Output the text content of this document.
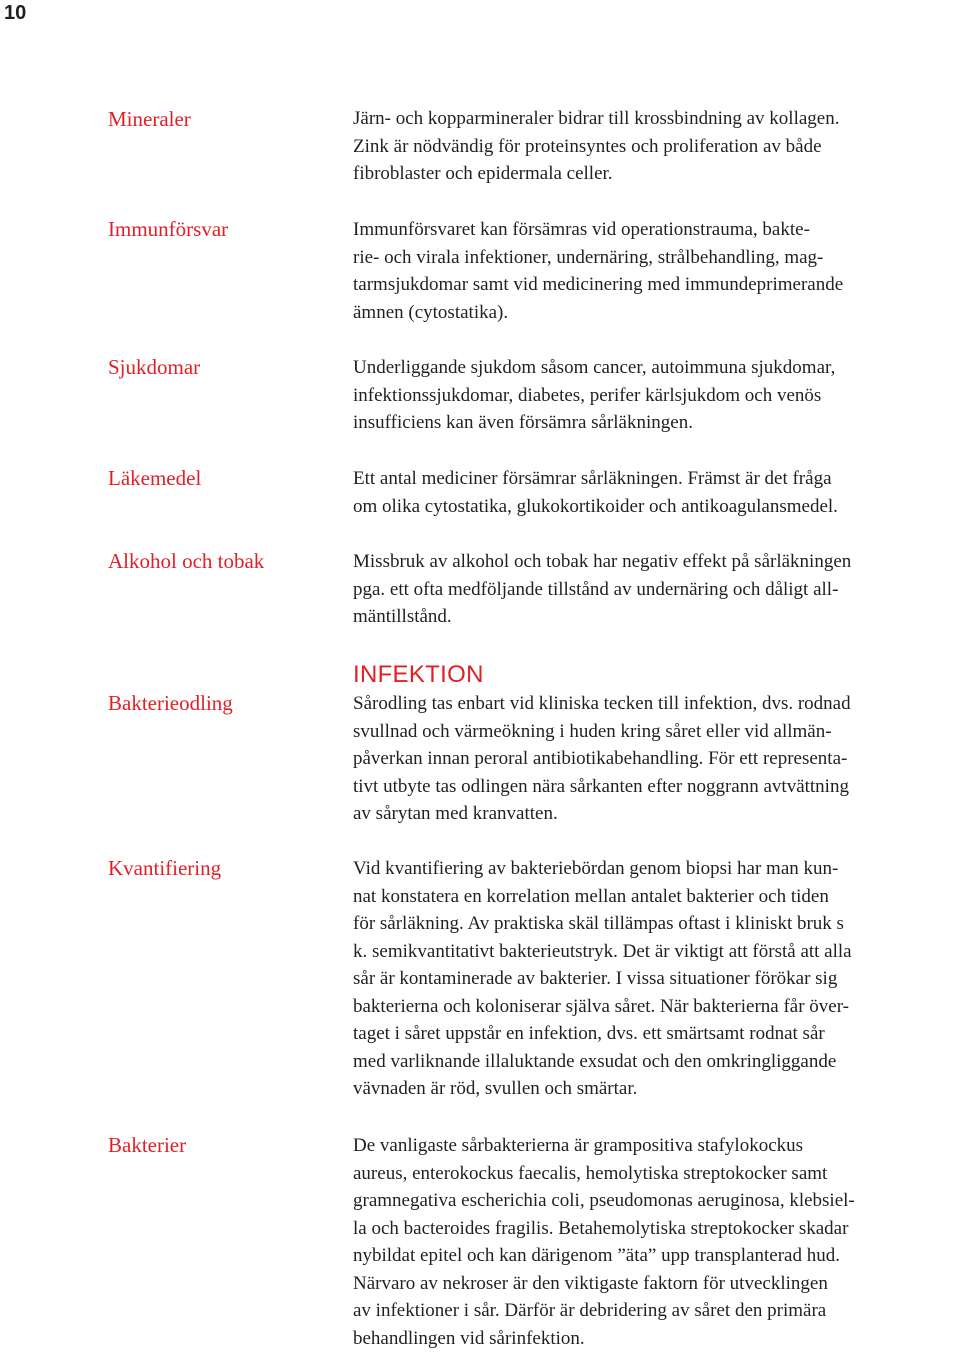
10
Mineraler	Järn- och kopparmineraler bidrar till krossbindning av kollagen.
Zink är nödvändig för proteinsyntes och proliferation av både
fibroblaster och epidermala celler.
Immunförsvar	Immunförsvaret kan försämras vid operationstrauma, bakte-
rie- och virala infektioner, undernäring, strålbehandling, mag-
tarmsjukdomar samt vid medicinering med immundeprimerande
ämnen (cytostatika).
Sjukdomar	Underliggande sjukdom såsom cancer, autoimmuna sjukdomar,
infektionssjukdomar, diabetes, perifer kärlsjukdom och venös
insufficiens kan även försämra sårläkningen.
Läkemedel	Ett antal mediciner försämrar sårläkningen. Främst är det fråga
om olika cytostatika, glukokortikoider och antikoagulansmedel.
Alkohol och tobak	Missbruk av alkohol och tobak har negativ effekt på sårläkningen
pga. ett ofta medföljande tillstånd av undernäring och dåligt all-
mäntillstånd.
INFEKTION
Bakterieodling	Sårodling tas enbart vid kliniska tecken till infektion, dvs. rodnad
svullnad och värmeökning i huden kring såret eller vid allmän-
påverkan innan peroral antibiotikabehandling. För ett representa-
tivt utbyte tas odlingen nära sårkanten efter noggrann avtvättning
av sårytan med kranvatten.
Kvantifiering	Vid kvantifiering av bakteriebördan genom biopsi har man kun-
nat konstatera en korrelation mellan antalet bakterier och tiden
för sårläkning. Av praktiska skäl tillämpas oftast i kliniskt bruk s
k. semikvantitativt bakterieutstryk. Det är viktigt att förstå att alla
sår är kontaminerade av bakterier. I vissa situationer förökar sig
bakterierna och koloniserar själva såret. När bakterierna får över-
taget i såret uppstår en infektion, dvs. ett smärtsamt rodnat sår
med varliknande illaluktande exsudat och den omkringliggande
vävnaden är röd, svullen och smärtar.
Bakterier	De vanligaste sårbakterierna är grampositiva stafylokockus
aureus, enterokockus faecalis, hemolytiska streptokocker samt
gramnegativa escherichia coli, pseudomonas aeruginosa, klebsiel-
la och bacteroides fragilis. Betahemolytiska streptokocker skadar
nybildat epitel och kan därigenom ”äta” upp transplanterad hud.
Närvaro av nekroser är den viktigaste faktorn för utvecklingen
av infektioner i sår. Därför är debridering av såret den primära
behandlingen vid sårinfektion.
